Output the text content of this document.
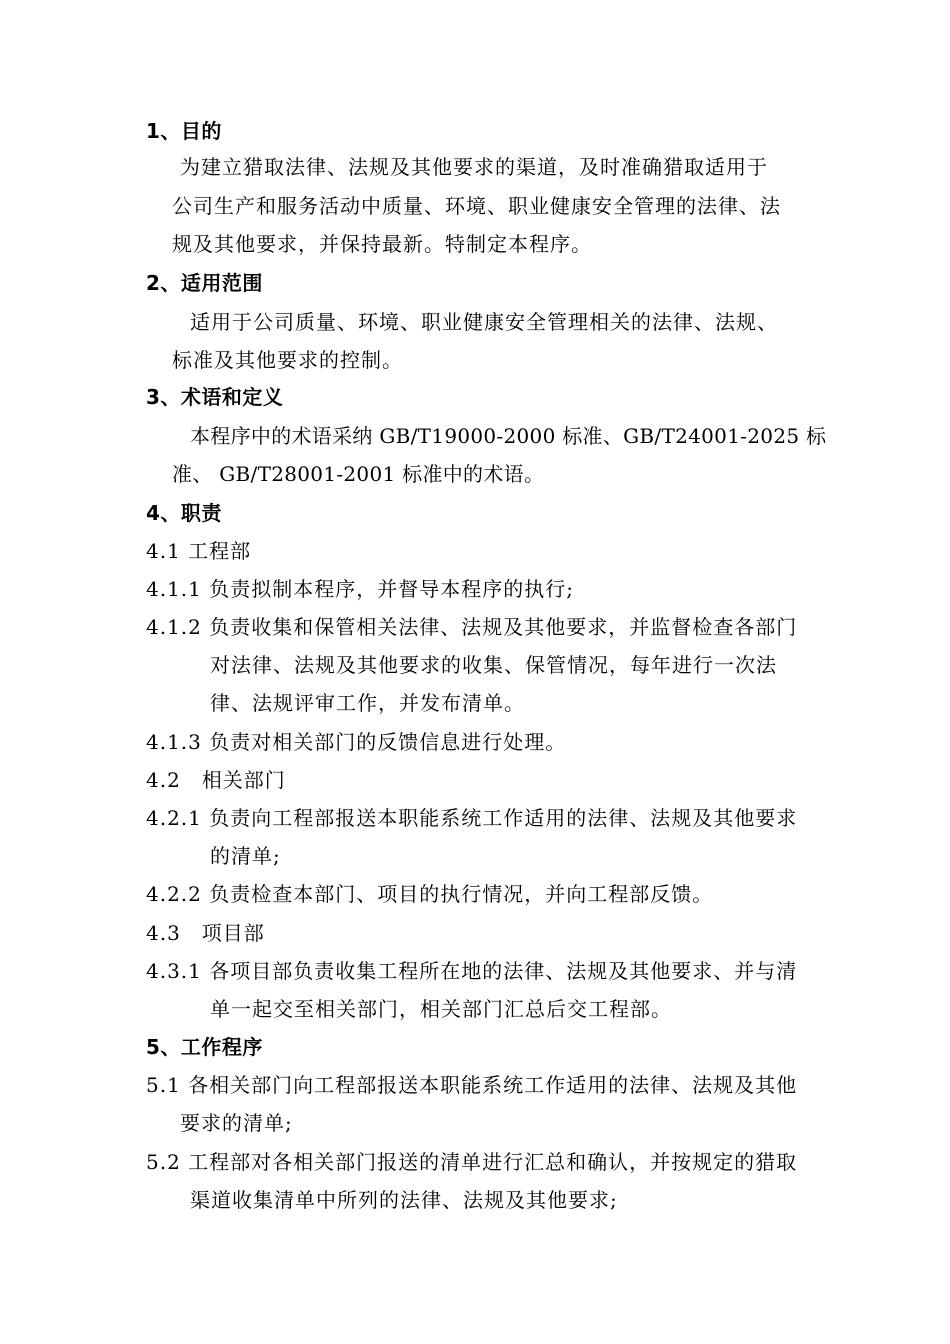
1、目的
为建立猎取法律、法规及其他要求的渠道，及时准确猎取适用于
公司生产和服务活动中质量、环境、职业健康安全管理的法律、法
规及其他要求，并保持最新。特制定本程序。
2、适用范围
适用于公司质量、环境、职业健康安全管理相关的法律、法规、
标准及其他要求的控制。
3、术语和定义
本程序中的术语采纳 GB/T19000-2000 标准、GB/T24001-2025 标
准、 GB/T28001-2001 标准中的术语。
4、职责
4.1 工程部
4.1.1 负责拟制本程序，并督导本程序的执行;
4.1.2 负责收集和保管相关法律、法规及其他要求，并监督检查各部门
对法律、法规及其他要求的收集、保管情况，每年进行一次法
律、法规评审工作，并发布清单。
4.1.3 负责对相关部门的反馈信息进行处理。
4.2　相关部门
4.2.1 负责向工程部报送本职能系统工作适用的法律、法规及其他要求
的清单;
4.2.2 负责检查本部门、项目的执行情况，并向工程部反馈。
4.3　项目部
4.3.1 各项目部负责收集工程所在地的法律、法规及其他要求、并与清
单一起交至相关部门，相关部门汇总后交工程部。
5、工作程序
5.1 各相关部门向工程部报送本职能系统工作适用的法律、法规及其他
要求的清单;
5.2 工程部对各相关部门报送的清单进行汇总和确认，并按规定的猎取
渠道收集清单中所列的法律、法规及其他要求;
